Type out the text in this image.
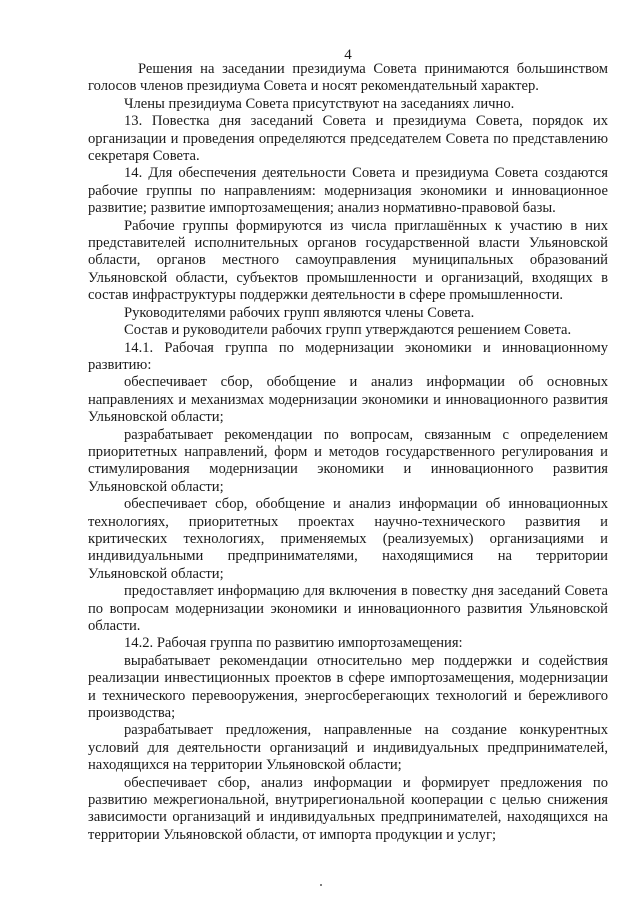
4

Решения на заседании президиума Совета принимаются большинством голосов членов президиума Совета и носят рекомендательный характер.

Члены президиума Совета присутствуют на заседаниях лично.

13. Повестка дня заседаний Совета и президиума Совета, порядок их организации и проведения определяются председателем Совета по представлению секретаря Совета.

14. Для обеспечения деятельности Совета и президиума Совета создаются рабочие группы по направлениям: модернизация экономики и инновационное развитие; развитие импортозамещения; анализ нормативно-правовой базы.

Рабочие группы формируются из числа приглашённых к участию в них представителей исполнительных органов государственной власти Ульяновской области, органов местного самоуправления муниципальных образований Ульяновской области, субъектов промышленности и организаций, входящих в состав инфраструктуры поддержки деятельности в сфере промышленности.

Руководителями рабочих групп являются члены Совета.

Состав и руководители рабочих групп утверждаются решением Совета.

14.1. Рабочая группа по модернизации экономики и инновационному развитию:

обеспечивает сбор, обобщение и анализ информации об основных направлениях и механизмах модернизации экономики и инновационного развития Ульяновской области;

разрабатывает рекомендации по вопросам, связанным с определением приоритетных направлений, форм и методов государственного регулирования и стимулирования модернизации экономики и инновационного развития Ульяновской области;

обеспечивает сбор, обобщение и анализ информации об инновационных технологиях, приоритетных проектах научно-технического развития и критических технологиях, применяемых (реализуемых) организациями и индивидуальными предпринимателями, находящимися на территории Ульяновской области;

предоставляет информацию для включения в повестку дня заседаний Совета по вопросам модернизации экономики и инновационного развития Ульяновской области.

14.2. Рабочая группа по развитию импортозамещения:

вырабатывает рекомендации относительно мер поддержки и содействия реализации инвестиционных проектов в сфере импортозамещения, модернизации и технического перевооружения, энергосберегающих технологий и бережливого производства;

разрабатывает предложения, направленные на создание конкурентных условий для деятельности организаций и индивидуальных предпринимателей, находящихся на территории Ульяновской области;

обеспечивает сбор, анализ информации и формирует предложения по развитию межрегиональной, внутрирегиональной кооперации с целью снижения зависимости организаций и индивидуальных предпринимателей, находящихся на территории Ульяновской области, от импорта продукции и услуг;
